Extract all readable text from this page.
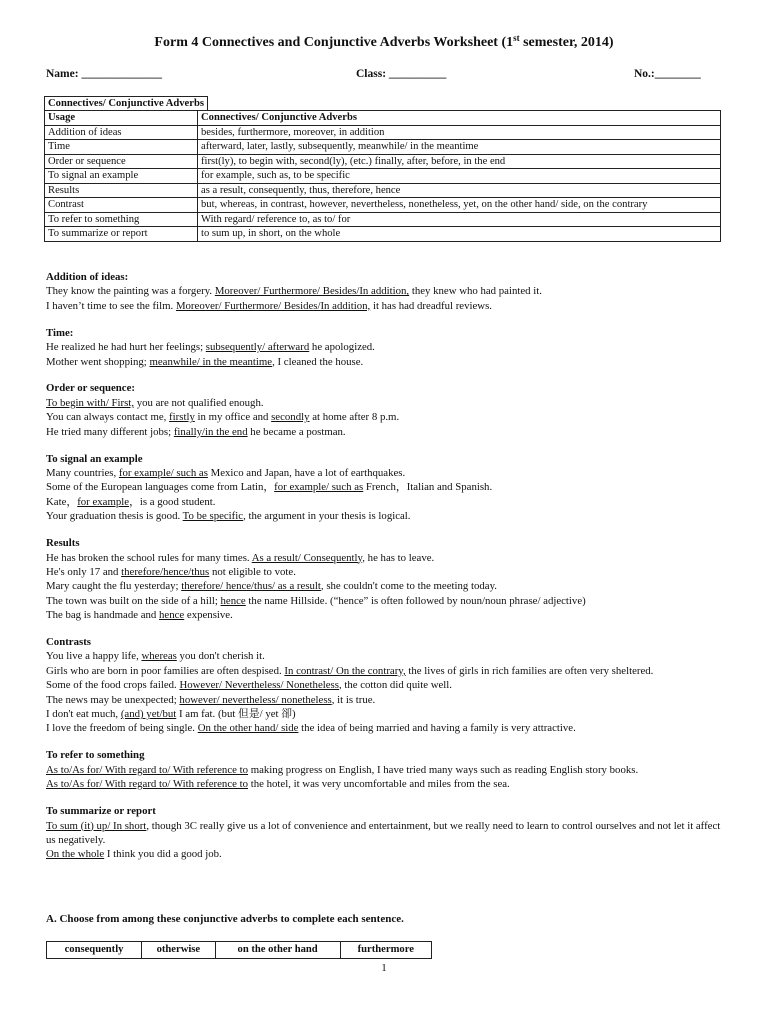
Form 4 Connectives and Conjunctive Adverbs Worksheet (1st semester, 2014)
Name: ______________	Class: __________	No.:________
Connectives/ Conjunctive Adverbs
Usage	Connectives/ Conjunctive Adverbs
Addition of ideas	besides, furthermore, moreover, in addition
Time	afterward, later, lastly, subsequently, meanwhile/ in the meantime
Order or sequence	first(ly), to begin with, second(ly), (etc.) finally, after, before, in the end
To signal an example	for example, such as, to be specific
Results	as a result, consequently, thus, therefore, hence
Contrast	but, whereas, in contrast, however, nevertheless, nonetheless, yet, on the other hand/ side, on the contrary
To refer to something	With regard/ reference to, as to/ for
To summarize or report	to sum up, in short, on the whole
Addition of ideas:

They know the painting was a forgery. Moreover/ Furthermore/ Besides/In addition, they knew who had painted it.

I haven’t time to see the film. Moreover/ Furthermore/ Besides/In addition, it has had dreadful reviews.

Time:

He realized he had hurt her feelings; subsequently/ afterward he apologized.

Mother went shopping; meanwhile/ in the meantime, I cleaned the house.

Order or sequence:

To begin with/ First, you are not qualified enough.

You can always contact me, firstly in my office and secondly at home after 8 p.m.

He tried many different jobs; finally/in the end he became a postman.

To signal an example

Many countries, for example/ such as Mexico and Japan, have a lot of earthquakes.

Some of the European languages come from Latin，for example/ such as French，Italian and Spanish.

Kate，for example，is a good student.

Your graduation thesis is good. To be specific, the argument in your thesis is logical.

Results

He has broken the school rules for many times. As a result/ Consequently, he has to leave.

He's only 17 and therefore/hence/thus not eligible to vote.

Mary caught the flu yesterday; therefore/ hence/thus/ as a result, she couldn't come to the meeting today.

The town was built on the side of a hill; hence the name Hillside. (“hence” is often followed by noun/noun phrase/ adjective)

The bag is handmade and hence expensive.

Contrasts

You live a happy life, whereas you don't cherish it.

Girls who are born in poor families are often despised. In contrast/ On the contrary, the lives of girls in rich families are often very sheltered.

Some of the food crops failed. However/ Nevertheless/ Nonetheless, the cotton did quite well.

The news may be unexpected; however/ nevertheless/ nonetheless, it is true.

I don't eat much, (and) yet/but I am fat. (but 但是/ yet 卻)

I love the freedom of being single. On the other hand/ side the idea of being married and having a family is very attractive.

To refer to something

As to/As for/ With regard to/ With reference to making progress on English, I have tried many ways such as reading English story books.

As to/As for/ With regard to/ With reference to the hotel, it was very uncomfortable and miles from the sea.

To summarize or report

To sum (it) up/ In short, though 3C really give us a lot of convenience and entertainment, but we really need to learn to control ourselves and not let it affect us negatively.

On the whole I think you did a good job.

A. Choose from among these conjunctive adverbs to complete each sentence.
consequently	otherwise	on the other hand	furthermore
1
